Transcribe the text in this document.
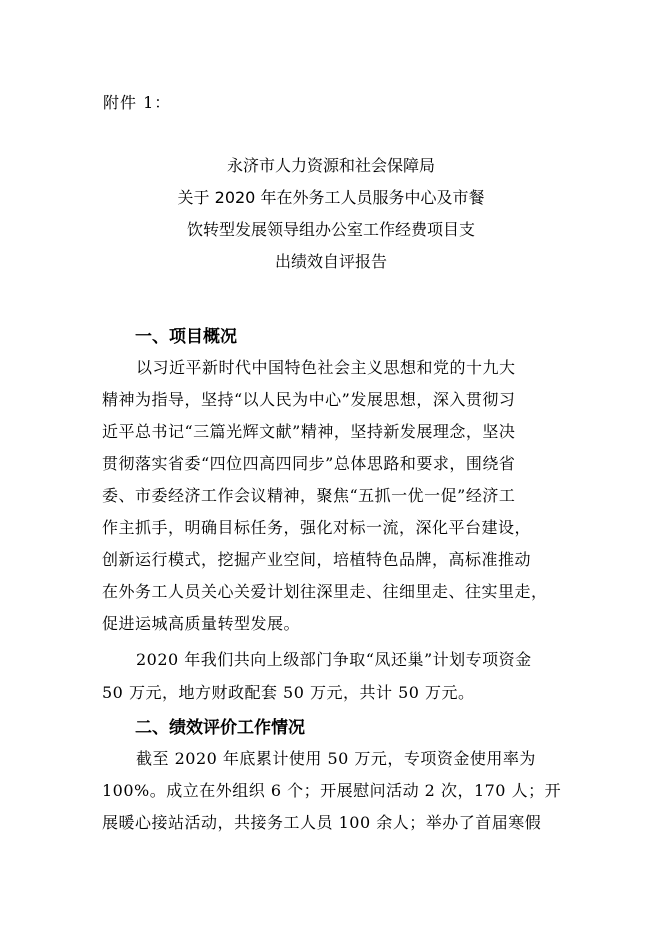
附件 1：
永济市人力资源和社会保障局
关于 2020 年在外务工人员服务中心及市餐
饮转型发展领导组办公室工作经费项目支
出绩效自评报告
一、项目概况
以习近平新时代中国特色社会主义思想和党的十九大
精神为指导，坚持“以人民为中心”发展思想，深入贯彻习
近平总书记“三篇光辉文献”精神，坚持新发展理念，坚决
贯彻落实省委“四位四高四同步”总体思路和要求，围绕省
委、市委经济工作会议精神，聚焦“五抓一优一促”经济工
作主抓手，明确目标任务，强化对标一流，深化平台建设，
创新运行模式，挖掘产业空间，培植特色品牌，高标准推动
在外务工人员关心关爱计划往深里走、往细里走、往实里走，
促进运城高质量转型发展。
2020 年我们共向上级部门争取“凤还巢”计划专项资金
50 万元，地方财政配套 50 万元，共计 50 万元。
二、绩效评价工作情况
截至 2020 年底累计使用 50 万元，专项资金使用率为
100%。成立在外组织 6 个；开展慰问活动 2 次，170 人；开
展暖心接站活动，共接务工人员 100 余人；举办了首届寒假
